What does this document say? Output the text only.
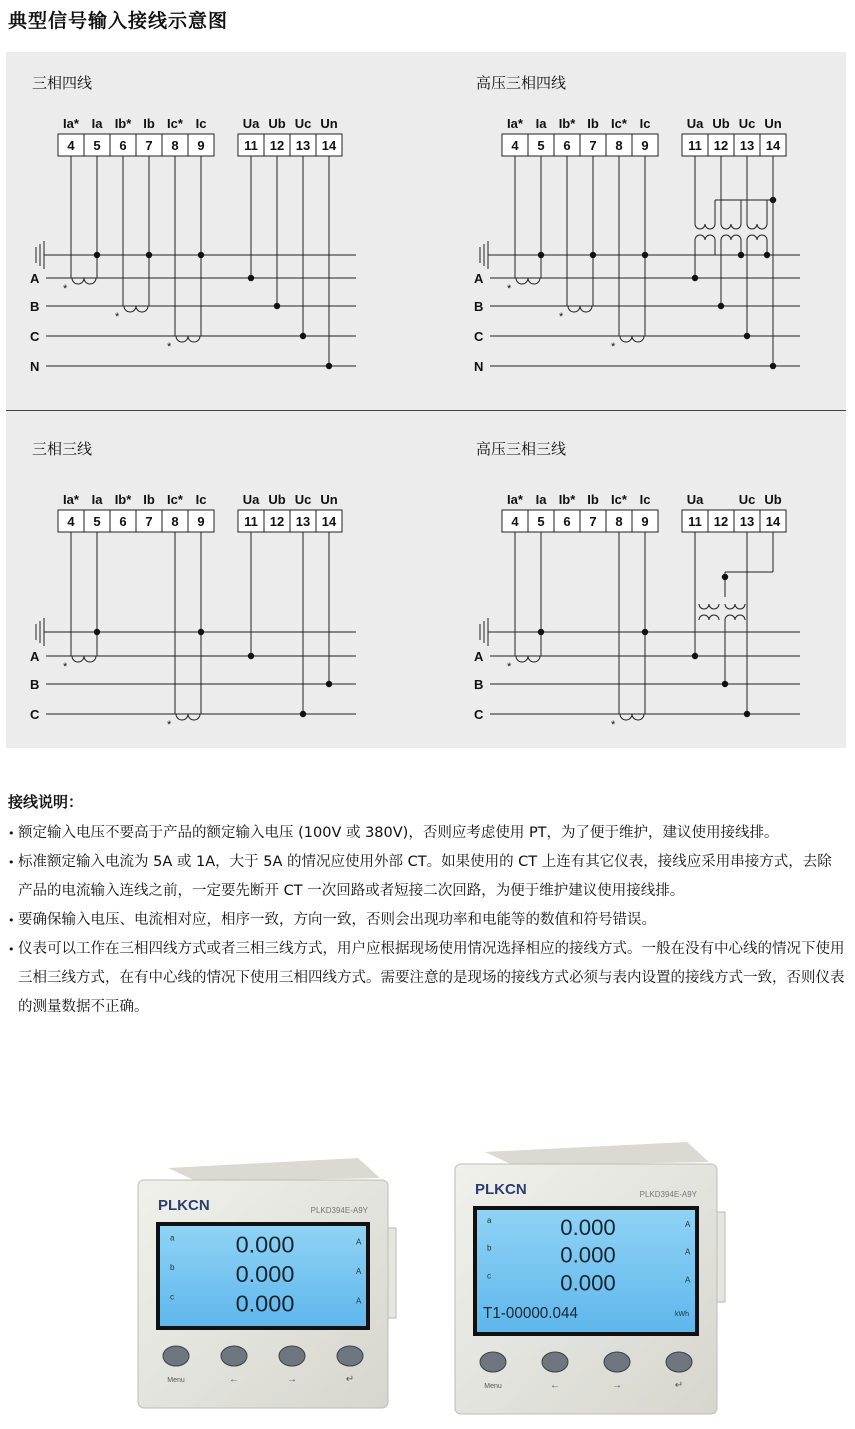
典型信号输入接线示意图
三相四线	高压三相四线
三相三线	高压三相三线
A
B
C
N
Ia* Ia Ib* Ib Ic* Ic	Ua Ub Uc Un
4 5 6 7 8 9	11 12 13 14
*
*
*
A
B
C
N
Ia* Ia Ib* Ib Ic* Ic	Ua Ub Uc Un
4 5 6 7 8 9	11 12 13 14
*
*
*
A
B
C
Ia* Ia Ib* Ib Ic* Ic	Ua Ub Uc Un
4 5 6 7 8 9	11 12 13 14
*
*
A
B
C
Ia* Ia Ib* Ib Ic* Ic	Ua	Uc Ub
4 5 6 7 8 9	11 12 13 14
*
*
接线说明：
• 额定输入电压不要高于产品的额定输入电压 (100V 或 380V)，否则应考虑使用 PT，为了便于维护，建议使用接线排。
• 标准额定输入电流为 5A 或 1A，大于 5A 的情况应使用外部 CT。如果使用的 CT 上连有其它仪表，接线应采用串接方式，去除产品的电流输入连线之前，一定要先断开 CT 一次回路或者短接二次回路，为便于维护建议使用接线排。
• 要确保输入电压、电流相对应，相序一致，方向一致，否则会出现功率和电能等的数值和符号错误。
• 仪表可以工作在三相四线方式或者三相三线方式，用户应根据现场使用情况选择相应的接线方式。一般在没有中心线的情况下使用三相三线方式，在有中心线的情况下使用三相四线方式。需要注意的是现场的接线方式必须与表内设置的接线方式一致，否则仪表的测量数据不正确。
PLKCN	PLKD394E-A9Y
a	0.000	A
b	0.000	A
c	0.000	A
Menu	←	→	↵
PLKCN	PLKD394E-A9Y
a	0.000	A
b	0.000	A
c	0.000	A
T1-00000.044	kWh
Menu	←	→	↵
